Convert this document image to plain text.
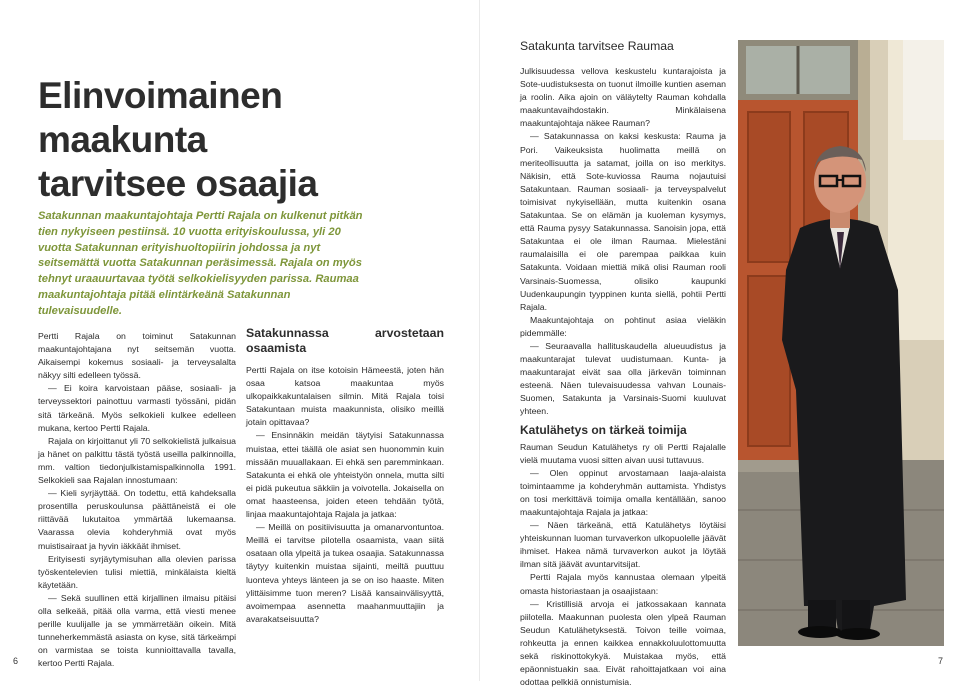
Elinvoimainen
maakunta
tarvitsee osaajia

Satakunnan maakuntajohtaja Pertti Rajala on kulkenut pitkän tien nykyiseen pestiinsä. 10 vuotta erityiskoulussa, yli 20 vuotta Satakunnan erityishuoltopiirin johdossa ja nyt seitsemättä vuotta Satakunnan peräsimessä. Rajala on myös tehnyt uraauurtavaa työtä selkokielisyyden parissa. Raumaa maakuntajohtaja pitää elintärkeänä Satakunnan tulevaisuudelle.

Pertti Rajala on toiminut Satakunnan maakuntajohtajana nyt seitsemän vuotta. Aikaisempi kokemus sosiaali- ja terveysalalta näkyy silti edelleen työssä.

— Ei koira karvoistaan pääse, sosiaali- ja terveyssektori painottuu varmasti työssäni, pidän sitä tärkeänä. Myös selkokieli kulkee edelleen mukana, kertoo Pertti Rajala.

Rajala on kirjoittanut yli 70 selkokielistä julkaisua ja hänet on palkittu tästä työstä useilla palkinnoilla, mm. valtion tiedonjulkistamispalkinnolla 1991. Selkokieli saa Rajalan innostumaan:

— Kieli syrjäyttää. On todettu, että kahdeksalla prosentilla peruskoulunsa päättäneistä ei ole riittävää lukutaitoa ymmärtää lukemaansa. Vaarassa olevia kohderyhmiä ovat myös muistisairaat ja hyvin iäkkäät ihmiset.

Erityisesti syrjäytymisuhan alla olevien parissa työskentelevien tulisi miettiä, minkälaista kieltä käytetään.

— Sekä suullinen että kirjallinen ilmaisu pitäisi olla selkeää, pitää olla varma, että viesti menee perille kuulijalle ja se ymmärretään oikein. Mitä tunneherkemmästä asiasta on kyse, sitä tärkeämpi on varmistaa se toista kunnioittavalla tavalla, kertoo Pertti Rajala.

Satakunnassa arvostetaan osaamista

Pertti Rajala on itse kotoisin Hämeestä, joten hän osaa katsoa maakuntaa myös ulkopaikkakuntalaisen silmin. Mitä Rajala toisi Satakuntaan muista maakunnista, olisiko meillä jotain opittavaa?

— Ensinnäkin meidän täytyisi Satakunnassa muistaa, ettei täällä ole asiat sen huonommin kuin missään muuallakaan. Ei ehkä sen paremminkaan. Satakunta ei ehkä ole yhteistyön onnela, mutta silti ei pidä pukeutua säkkiin ja voivotella. Jokaisella on omat haasteensa, joiden eteen tehdään työtä, linjaa maakuntajohtaja Rajala ja jatkaa:

— Meillä on positiivisuutta ja omanarvontuntoa. Meillä ei tarvitse pilotella osaamista, vaan siitä osataan olla ylpeitä ja tukea osaajia. Satakunnassa täytyy kuitenkin muistaa sijainti, meiltä puuttuu luonteva yhteys länteen ja se on iso haaste. Miten ylittäisimme tuon meren? Lisää kansainvälisyyttä, avoimempaa asennetta maahanmuuttajiin ja avarakatseisuutta?

6
Satakunta tarvitsee Raumaa

Julkisuudessa vellova keskustelu kuntarajoista ja Sote-uudistuksesta on tuonut ilmoille kuntien aseman ja roolin. Aika ajoin on väläytelty Rauman kohdalla maakuntavaihdostakin. Minkälaisena maakuntajohtaja näkee Rauman?

— Satakunnassa on kaksi keskusta: Rauma ja Pori. Vaikeuksista huolimatta meillä on meriteollisuutta ja satamat, joilla on iso merkitys. Näkisin, että Sote-kuviossa Rauma nojautuisi Satakuntaan. Rauman sosiaali- ja terveyspalvelut toimisivat nykyisellään, mutta kuitenkin osana Satakuntaa. Se on elämän ja kuoleman kysymys, että Rauma pysyy Satakunnassa. Sanoisin jopa, että Satakuntaa ei ole ilman Raumaa. Mielestäni raumalaisilla ei ole parempaa paikkaa kuin Satakunta. Voidaan miettiä mikä olisi Rauman rooli Varsinais-Suomessa, olisiko kaupunki Uudenkaupungin tyyppinen kunta siellä, pohtii Pertti Rajala.

Maakuntajohtaja on pohtinut asiaa vieläkin pidemmälle:

— Seuraavalla hallituskaudella alueuudistus ja maakuntarajat tulevat uudistumaan. Kunta- ja maakuntarajat eivät saa olla järkevän toiminnan esteenä. Näen tulevaisuudessa vahvan Lounais-Suomen, Satakunta ja Varsinais-Suomi kuuluvat yhteen.

Katulähetys on tärkeä toimija

Rauman Seudun Katulähetys ry oli Pertti Rajalalle vielä muutama vuosi sitten aivan uusi tuttavuus.

— Olen oppinut arvostamaan laaja-alaista toimintaamme ja kohderyhmän auttamista. Yhdistys on tosi merkittävä toimija omalla kentällään, sanoo maakuntajohtaja Rajala ja jatkaa:

— Näen tärkeänä, että Katulähetys löytäisi yhteiskunnan luoman turvaverkon ulkopuolelle jäävät ihmiset. Hakea nämä turvaverkon aukot ja löytää ilman sitä jäävät avuntarvitsijat.

Pertti Rajala myös kannustaa olemaan ylpeitä omasta historiastaan ja osaajistaan:

— Kristillisiä arvoja ei jatkossakaan kannata piilotella. Maakunnan puolesta olen ylpeä Rauman Seudun Katulähetyksestä. Toivon teille voimaa, rohkeutta ja ennen kaikkea ennakkoluulottomuutta sekä riskinottokykyä. Muistakaa myös, että epäonnistuakin saa. Eivät rahoittajatkaan voi aina odottaa pelkkiä onnistumisia.

7
